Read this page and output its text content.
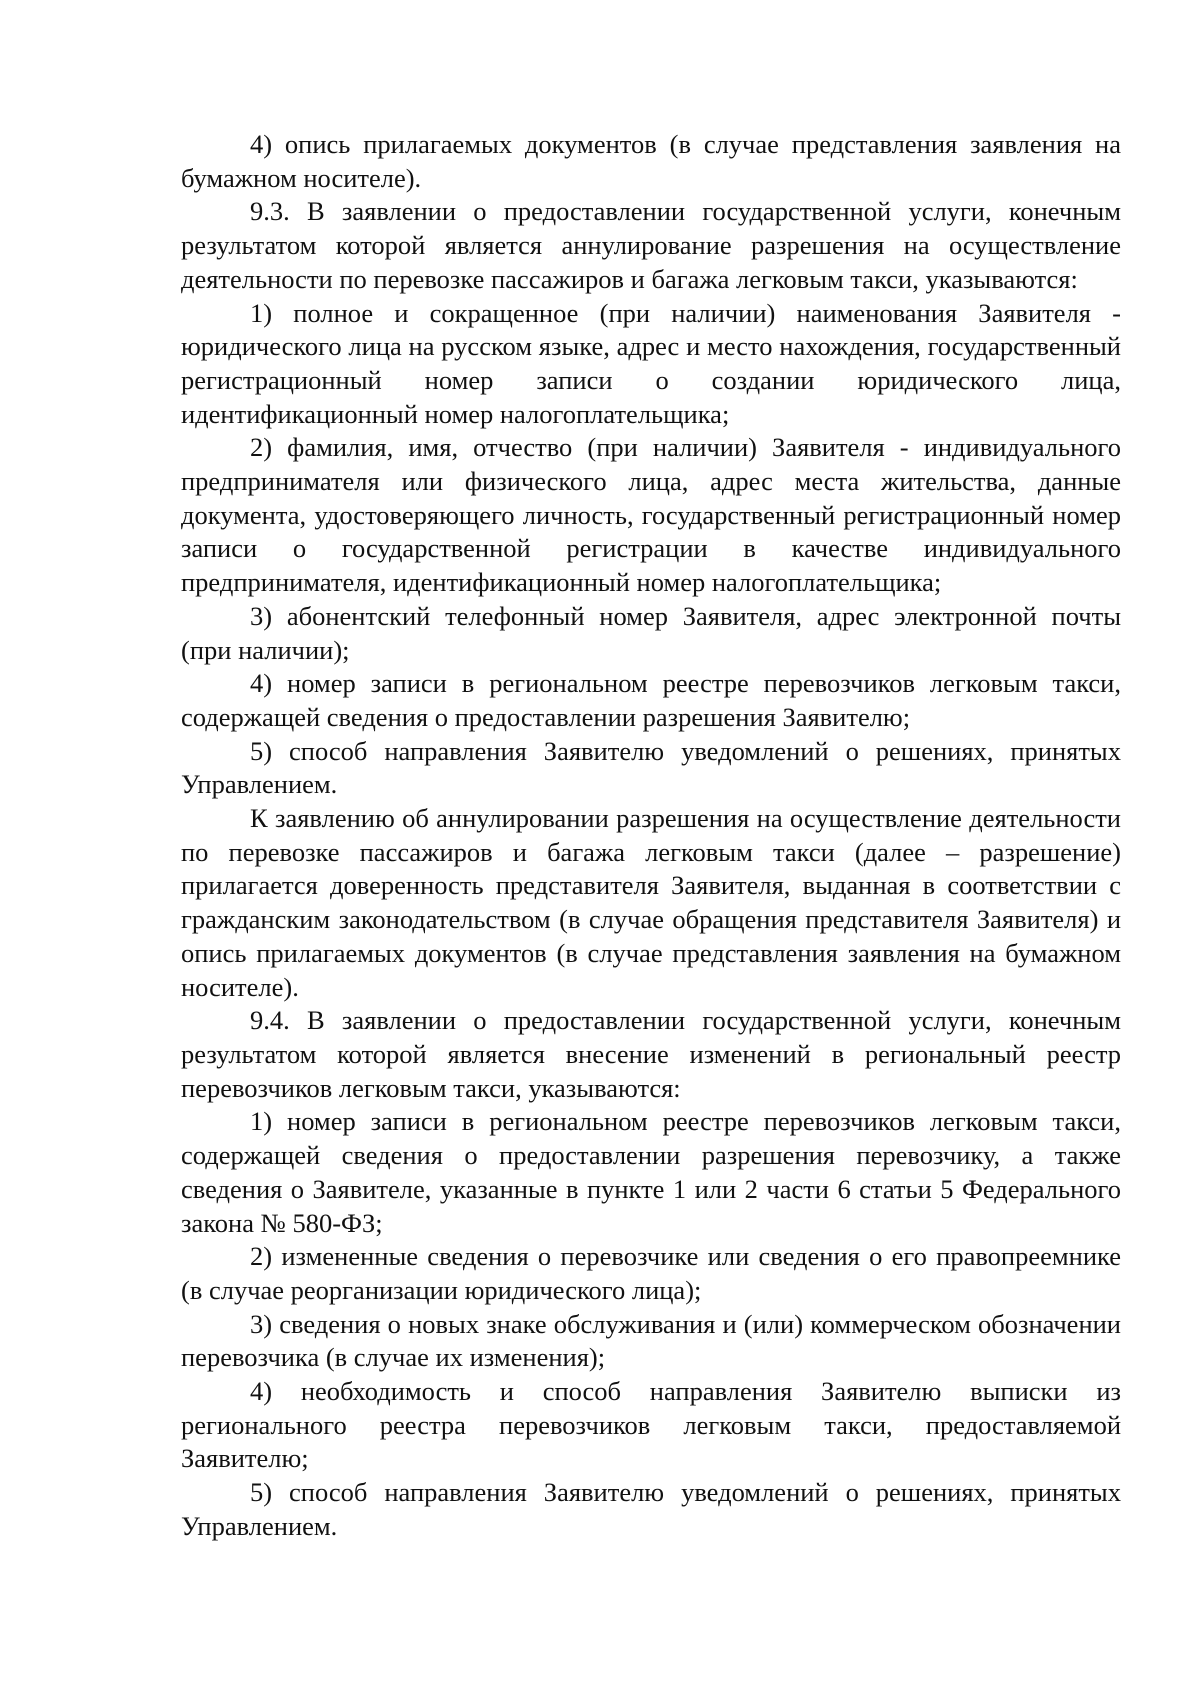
4) опись прилагаемых документов (в случае представления заявления на бумажном носителе).

9.3. В заявлении о предоставлении государственной услуги, конечным результатом которой является аннулирование разрешения на осуществление деятельности по перевозке пассажиров и багажа легковым такси, указываются:

1) полное и сокращенное (при наличии) наименования Заявителя - юридического лица на русском языке, адрес и место нахождения, государственный регистрационный номер записи о создании юридического лица, идентификационный номер налогоплательщика;

2) фамилия, имя, отчество (при наличии) Заявителя - индивидуального предпринимателя или физического лица, адрес места жительства, данные документа, удостоверяющего личность, государственный регистрационный номер записи о государственной регистрации в качестве индивидуального предпринимателя, идентификационный номер налогоплательщика;

3) абонентский телефонный номер Заявителя, адрес электронной почты (при наличии);

4) номер записи в региональном реестре перевозчиков легковым такси, содержащей сведения о предоставлении разрешения Заявителю;

5) способ направления Заявителю уведомлений о решениях, принятых Управлением.

К заявлению об аннулировании разрешения на осуществление деятельности по перевозке пассажиров и багажа легковым такси (далее – разрешение) прилагается доверенность представителя Заявителя, выданная в соответствии с гражданским законодательством (в случае обращения представителя Заявителя) и опись прилагаемых документов (в случае представления заявления на бумажном носителе).

9.4. В заявлении о предоставлении государственной услуги, конечным результатом которой является внесение изменений в региональный реестр перевозчиков легковым такси, указываются:

1) номер записи в региональном реестре перевозчиков легковым такси, содержащей сведения о предоставлении разрешения перевозчику, а также сведения о Заявителе, указанные в пункте 1 или 2 части 6 статьи 5 Федерального закона № 580-ФЗ;

2) измененные сведения о перевозчике или сведения о его правопреемнике (в случае реорганизации юридического лица);

3) сведения о новых знаке обслуживания и (или) коммерческом обозначении перевозчика (в случае их изменения);

4) необходимость и способ направления Заявителю выписки из регионального реестра перевозчиков легковым такси, предоставляемой Заявителю;

5) способ направления Заявителю уведомлений о решениях, принятых Управлением.
